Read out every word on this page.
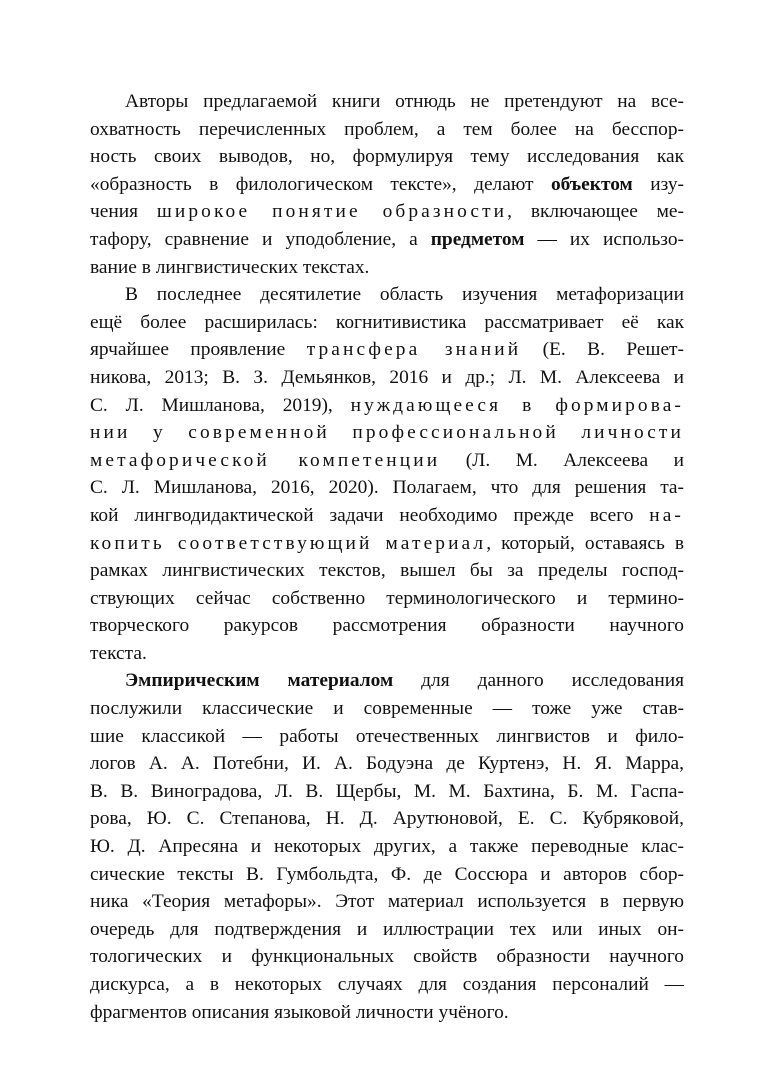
Авторы предлагаемой книги отнюдь не претендуют на все-
охватность перечисленных проблем, а тем более на бесспор-
ность своих выводов, но, формулируя тему исследования как
«образность в филологическом тексте», делают объектом изу-
чения широкое понятие образности, включающее ме-
тафору, сравнение и уподобление, а предметом — их использо-
вание в лингвистических текстах.
В последнее десятилетие область изучения метафоризации
ещё более расширилась: когнитивистика рассматривает её как
ярчайшее проявление трансфера знаний (Е. В. Решет-
никова, 2013; В. З. Демьянков, 2016 и др.; Л. М. Алексеева и
С. Л. Мишланова, 2019), нуждающееся в формирова-
нии у современной профессиональной личности
метафорической компетенции (Л. М. Алексеева и
С. Л. Мишланова, 2016, 2020). Полагаем, что для решения та-
кой лингводидактической задачи необходимо прежде всего на-
копить соответствующий материал, который, оставаясь в
рамках лингвистических текстов, вышел бы за пределы господ-
ствующих сейчас собственно терминологического и термино-
творческого ракурсов рассмотрения образности научного
текста.
Эмпирическим материалом для данного исследования
послужили классические и современные — тоже уже став-
шие классикой — работы отечественных лингвистов и фило-
логов А. А. Потебни, И. А. Бодуэна де Куртенэ, Н. Я. Марра,
В. В. Виноградова, Л. В. Щербы, М. М. Бахтина, Б. М. Гаспа-
рова, Ю. С. Степанова, Н. Д. Арутюновой, Е. С. Кубряковой,
Ю. Д. Апресяна и некоторых других, а также переводные клас-
сические тексты В. Гумбольдта, Ф. де Соссюра и авторов сбор-
ника «Теория метафоры». Этот материал используется в первую
очередь для подтверждения и иллюстрации тех или иных он-
тологических и функциональных свойств образности научного
дискурса, а в некоторых случаях для создания персоналий —
фрагментов описания языковой личности учёного.
